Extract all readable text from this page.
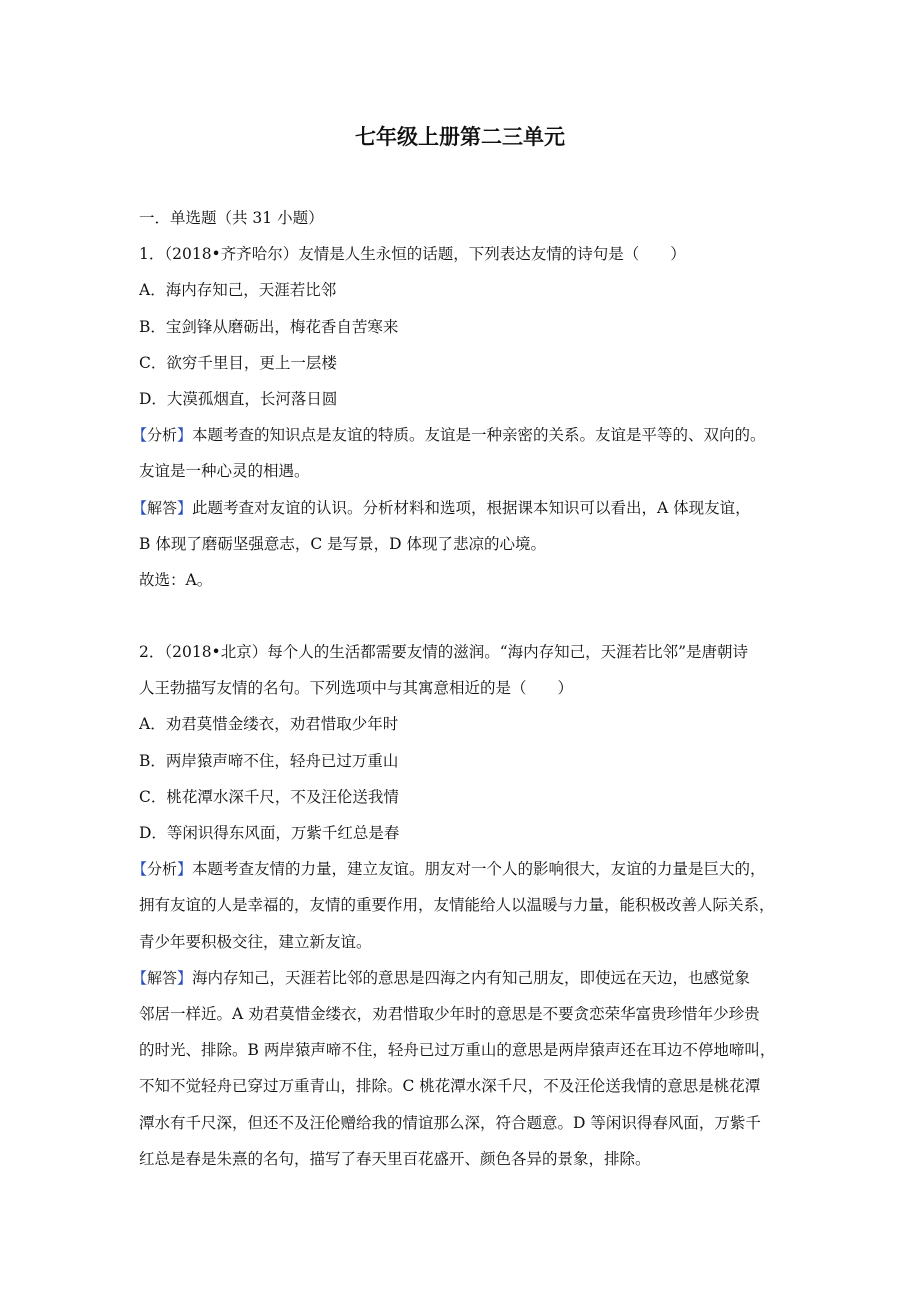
七年级上册第二三单元
一．单选题（共 31 小题）
1．（2018•齐齐哈尔）友情是人生永恒的话题，下列表达友情的诗句是（　　）
A．海内存知己，天涯若比邻
B．宝剑锋从磨砺出，梅花香自苦寒来
C．欲穷千里目，更上一层楼
D．大漠孤烟直，长河落日圆
【分析】本题考查的知识点是友谊的特质。友谊是一种亲密的关系。友谊是平等的、双向的。
友谊是一种心灵的相遇。
【解答】此题考查对友谊的认识。分析材料和选项，根据课本知识可以看出，A 体现友谊，
B 体现了磨砺坚强意志，C 是写景，D 体现了悲凉的心境。
故选：A。
2．（2018•北京）每个人的生活都需要友情的滋润。“海内存知己，天涯若比邻”是唐朝诗
人王勃描写友情的名句。下列选项中与其寓意相近的是（　　）
A．劝君莫惜金缕衣，劝君惜取少年时
B．两岸猿声啼不住，轻舟已过万重山
C．桃花潭水深千尺，不及汪伦送我情
D．等闲识得东风面，万紫千红总是春
【分析】本题考查友情的力量，建立友谊。朋友对一个人的影响很大，友谊的力量是巨大的，
拥有友谊的人是幸福的，友情的重要作用，友情能给人以温暖与力量，能积极改善人际关系，
青少年要积极交往，建立新友谊。
【解答】海内存知己，天涯若比邻的意思是四海之内有知己朋友，即使远在天边，也感觉象
邻居一样近。A 劝君莫惜金缕衣，劝君惜取少年时的意思是不要贪恋荣华富贵珍惜年少珍贵
的时光、排除。B 两岸猿声啼不住，轻舟已过万重山的意思是两岸猿声还在耳边不停地啼叫，
不知不觉轻舟已穿过万重青山，排除。C 桃花潭水深千尺，不及汪伦送我情的意思是桃花潭
潭水有千尺深，但还不及汪伦赠给我的情谊那么深，符合题意。D 等闲识得春风面，万紫千
红总是春是朱熹的名句，描写了春天里百花盛开、颜色各异的景象，排除。
